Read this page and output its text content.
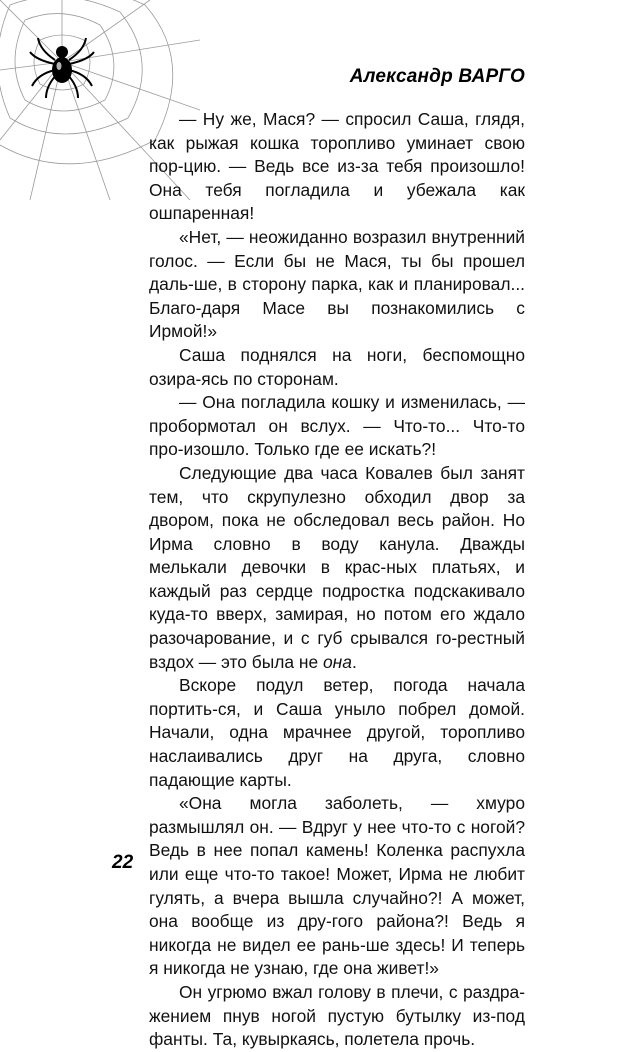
Александр ВАРГО

— Ну же, Мася? — спросил Саша, глядя, как рыжая кошка торопливо уминает свою пор-цию. — Ведь все из-за тебя произошло! Она тебя погладила и убежала как ошпаренная!

«Нет, — неожиданно возразил внутренний голос. — Если бы не Мася, ты бы прошел даль-ше, в сторону парка, как и планировал... Благо-даря Масе вы познакомились с Ирмой!»

Саша поднялся на ноги, беспомощно озира-ясь по сторонам.

— Она погладила кошку и изменилась, — пробормотал он вслух. — Что-то... Что-то про-изошло. Только где ее искать?!

Следующие два часа Ковалев был занят тем, что скрупулезно обходил двор за двором, пока не обследовал весь район. Но Ирма словно в воду канула. Дважды мелькали девочки в крас-ных платьях, и каждый раз сердце подростка подскакивало куда-то вверх, замирая, но потом его ждало разочарование, и с губ срывался го-рестный вздох — это была не она.

Вскоре подул ветер, погода начала портить-ся, и Саша уныло побрел домой. Начали, одна мрачнее другой, торопливо наслаивались друг на друга, словно падающие карты.

«Она могла заболеть, — хмуро размышлял он. — Вдруг у нее что-то с ногой? Ведь в нее попал камень! Коленка распухла или еще что-то такое! Может, Ирма не любит гулять, а вчера вышла случайно?! А может, она вообще из дру-гого района?! Ведь я никогда не видел ее рань-ше здесь! И теперь я никогда не узнаю, где она живет!»

Он угрюмо вжал голову в плечи, с раздра-жением пнув ногой пустую бутылку из-под фанты. Та, кувыркаясь, полетела прочь.

22
